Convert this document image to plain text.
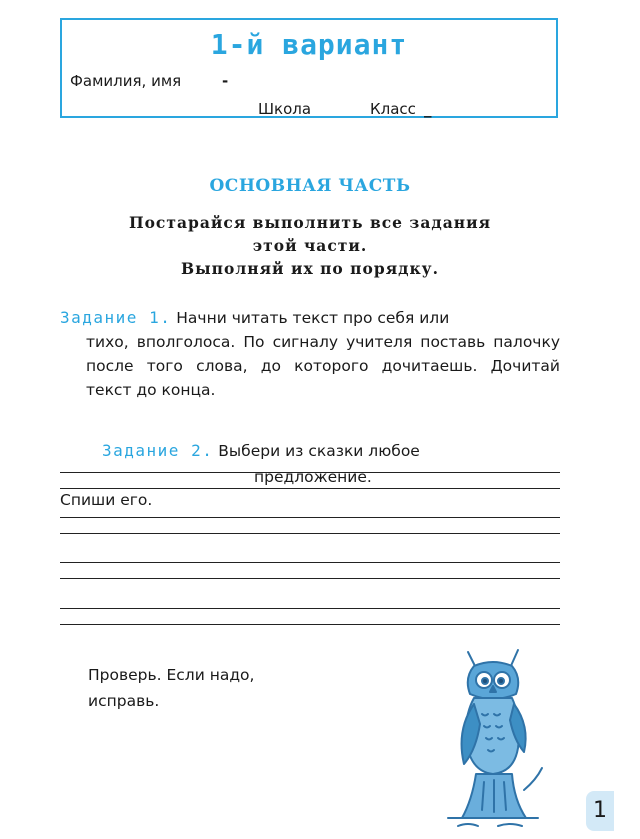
1-й вариант
Фамилия, имя	-
Школа	Класс _
ОСНОВНАЯ ЧАСТЬ
Постарайся выполнить все задания
этой части.
Выполняй их по порядку.
Задание 1. Начни читать текст про себя или
тихо, вполголоса. По сигналу учителя поставь палочку после того слова, до которого дочитаешь. Дочитай текст до конца.
Задание 2. Выбери из сказки любое
предложение.
Спиши его.
Проверь. Если надо,
исправь.
1
